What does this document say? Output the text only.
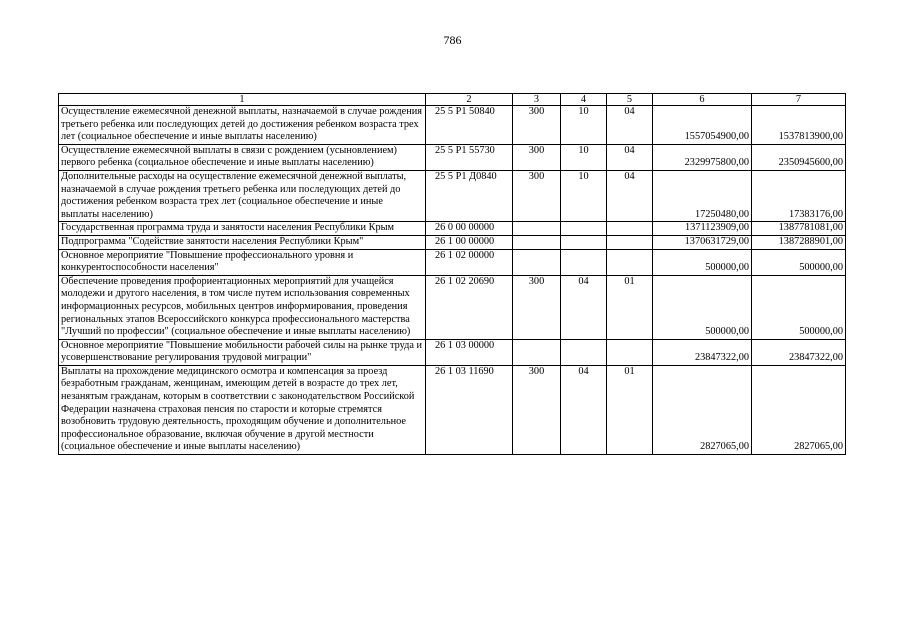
786
1	2	3	4	5	6	7
Осуществление ежемесячной денежной выплаты, назначаемой в случае рождения третьего ребенка или последующих детей до достижения ребенком возраста трех лет (социальное обеспечение и иные выплаты населению)	25 5 Р1 50840	300	10	04	1557054900,00	1537813900,00
Осуществление ежемесячной выплаты в связи с рождением (усыновлением) первого ребенка (социальное обеспечение и иные выплаты населению)	25 5 Р1 55730	300	10	04	2329975800,00	2350945600,00
Дополнительные расходы на осуществление ежемесячной денежной выплаты, назначаемой в случае рождения третьего ребенка или последующих детей до достижения ребенком возраста трех лет (социальное обеспечение и иные выплаты населению)	25 5 Р1 Д0840	300	10	04	17250480,00	17383176,00
Государственная программа труда и занятости населения Республики Крым	26 0 00 00000				1371123909,00	1387781081,00
Подпрограмма "Содействие занятости населения Республики Крым"	26 1 00 00000				1370631729,00	1387288901,00
Основное мероприятие "Повышение профессионального уровня и конкурентоспособности населения"	26 1 02 00000				500000,00	500000,00
Обеспечение проведения профориентационных мероприятий для учащейся молодежи и другого населения, в том числе путем использования современных информационных ресурсов, мобильных центров информирования, проведения региональных этапов Всероссийского конкурса профессионального мастерства "Лучший по профессии" (социальное обеспечение и иные выплаты населению)	26 1 02 20690	300	04	01	500000,00	500000,00
Основное мероприятие "Повышение мобильности рабочей силы на рынке труда и усовершенствование регулирования трудовой миграции"	26 1 03 00000				23847322,00	23847322,00
Выплаты на прохождение медицинского осмотра и компенсация за проезд безработным гражданам, женщинам, имеющим детей в возрасте до трех лет, незанятым гражданам, которым в соответствии с законодательством Российской Федерации назначена страховая пенсия по старости и которые стремятся возобновить трудовую деятельность, проходящим обучение и дополнительное профессиональное образование, включая обучение в другой местности (социальное обеспечение и иные выплаты населению)	26 1 03 11690	300	04	01	2827065,00	2827065,00
